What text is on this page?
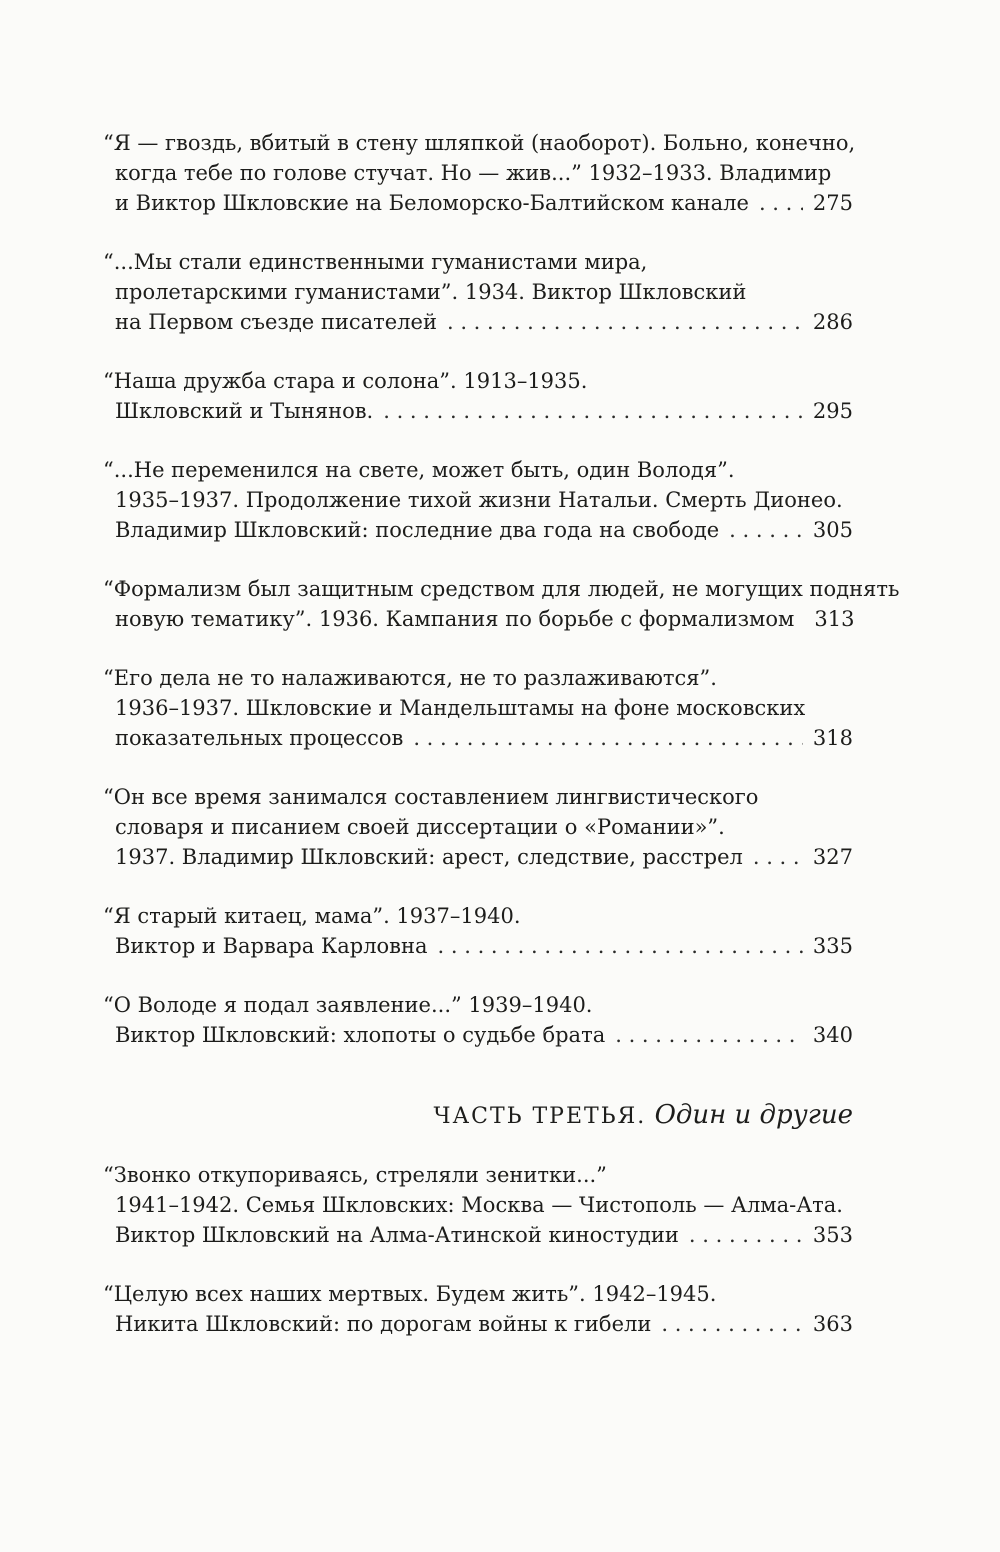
“Я — гвоздь, вбитый в стену шляпкой (наоборот). Больно, конечно,
когда тебе по голове стучат. Но — жив...” 1932–1933. Владимир
и Виктор Шкловские на Беломорско-Балтийском канале . . .	275
“...Мы стали единственными гуманистами мира,
пролетарскими гуманистами”. 1934. Виктор Шкловский
на Первом съезде писателей . . .	286
“Наша дружба стара и солона”. 1913–1935.
Шкловский и Тынянов. . . .	295
“...Не переменился на свете, может быть, один Володя”.
1935–1937. Продолжение тихой жизни Натальи. Смерть Дионео.
Владимир Шкловский: последние два года на свободе . . .	305
“Формализм был защитным средством для людей, не могущих поднять
новую тематику”. 1936. Кампания по борьбе с формализмом 313
“Его дела не то налаживаются, не то разлаживаются”.
1936–1937. Шкловские и Мандельштамы на фоне московских
показательных процессов . . .	318
“Он все время занимался составлением лингвистического
словаря и писанием своей диссертации о «Романии»”.
1937. Владимир Шкловский: арест, следствие, расстрел . . .	327
“Я старый китаец, мама”. 1937–1940.
Виктор и Варвара Карловна . . .	335
“О Володе я подал заявление...” 1939–1940.
Виктор Шкловский: хлопоты о судьбе брата . . .	340
ЧАСТЬ ТРЕТЬЯ. Один и другие
“Звонко откупориваясь, стреляли зенитки...”
1941–1942. Семья Шкловских: Москва — Чистополь — Алма-Ата.
Виктор Шкловский на Алма-Атинской киностудии . . .	353
“Целую всех наших мертвых. Будем жить”. 1942–1945.
Никита Шкловский: по дорогам войны к гибели . . .	363
